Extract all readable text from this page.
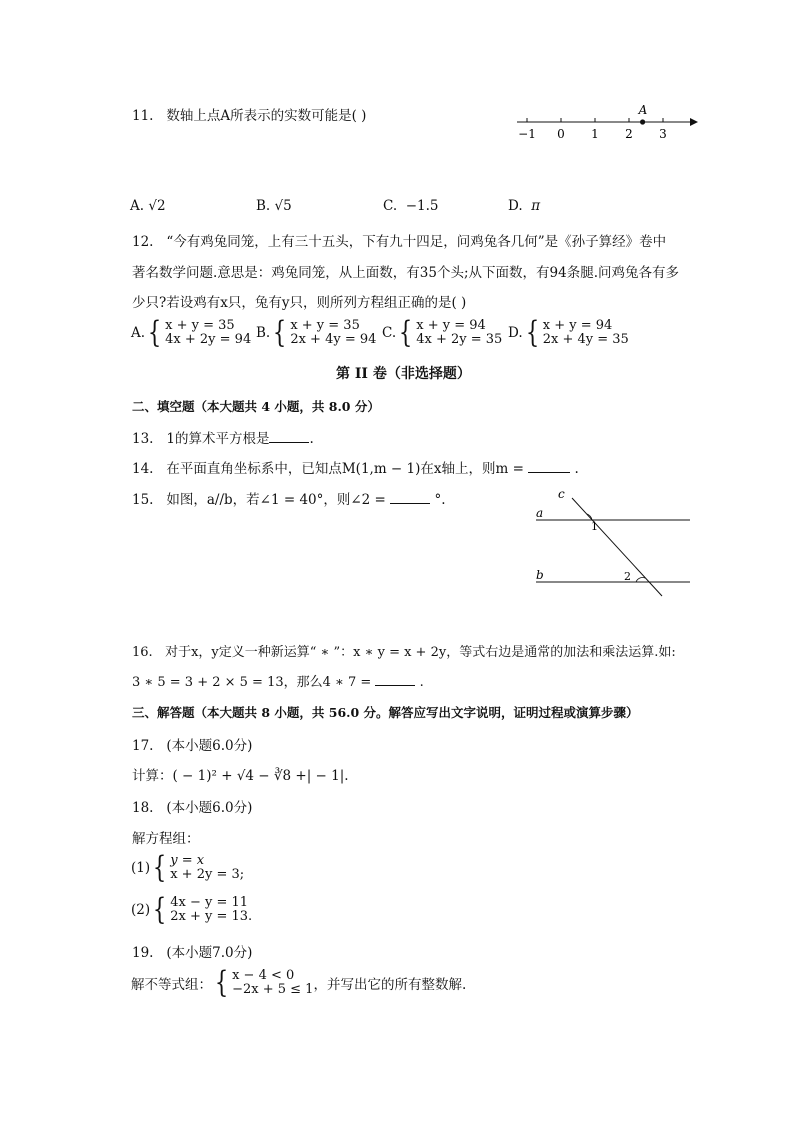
11. 数轴上点A所表示的实数可能是( )
−1 0 1 2 3
A
A. √2	B. √5	C. −1.5	D. π
12. “今有鸡兔同笼，上有三十五头，下有九十四足，问鸡兔各几何”是《孙子算经》卷中
著名数学问题.意思是：鸡兔同笼，从上面数，有35个头;从下面数，有94条腿.问鸡兔各有多
少只?若设鸡有x只，兔有y只，则所列方程组正确的是( )
A. { x + y = 35
4x + 2y = 94 B. { x + y = 35
2x + 4y = 94 C. { x + y = 94
4x + 2y = 35 D. { x + y = 94
2x + 4y = 35
第 II 卷（非选择题）
二、填空题（本大题共 4 小题，共 8.0 分）
13. 1的算术平方根是	.
14. 在平面直角坐标系中，已知点M(1,m − 1)在x轴上，则m =	.
15. 如图，a//b，若∠1 = 40°，则∠2 =	°.
a
b
c
1
2
16. 对于x，y定义一种新运算“ ∗ ”：x ∗ y = x + 2y，等式右边是通常的加法和乘法运算.如:
3 ∗ 5 = 3 + 2 × 5 = 13，那么4 ∗ 7 =	.
三、解答题（本大题共 8 小题，共 56.0 分。解答应写出文字说明，证明过程或演算步骤）
17. (本小题6.0分)
计算：( − 1)² + √4 − ∛8 +| − 1|.
18. (本小题6.0分)
解方程组：
(1) { y = x
x + 2y = 3;
(2) { 4x − y = 11
2x + y = 13.
19. (本小题7.0分)
解不等式组： { x − 4 < 0
−2x + 5 ≤ 1 ，并写出它的所有整数解.
